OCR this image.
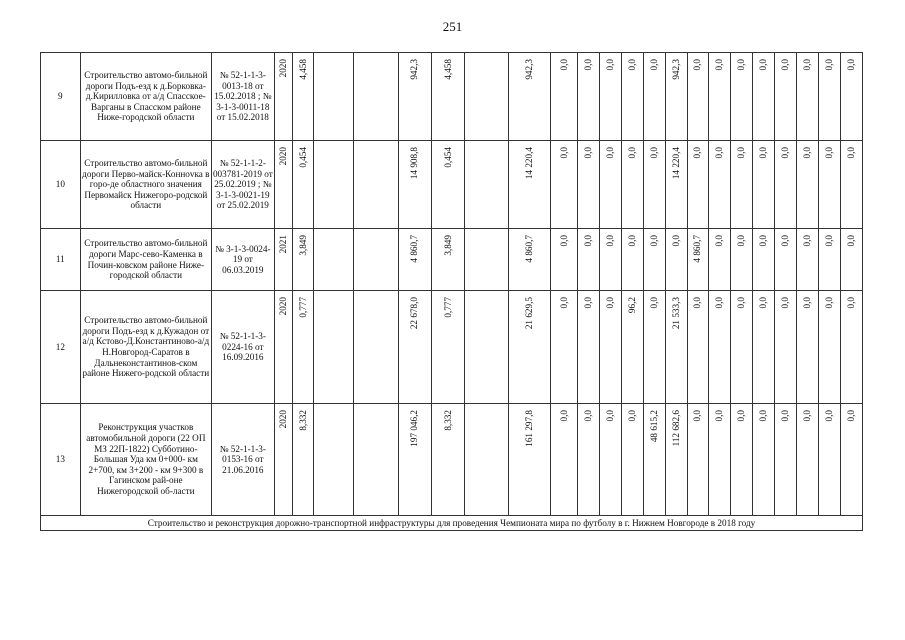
251
9	Строительство автомо-бильной дороги Подъ-езд к д.Борковка-д.Кирилловка от а/д Спасское-Варганы в Спасском районе Ниже-городской области	№ 52-1-1-3-0013-18 от 15.02.2018 ; № 3-1-3-0011-18 от 15.02.2018	2020	4,458			942,3	4,458		942,3	0,0	0,0	0,0	0,0	0,0	942,3	0,0	0,0	0,0	0,0	0,0	0,0	0,0	0,0

10	Строительство автомо-бильной дороги Перво-майск-Коннovка в горо-де областного значения Первомайск Нижегоро-родской области	№ 52-1-1-2-003781-2019 от 25.02.2019 ; № 3-1-3-0021-19 от 25.02.2019	2020	0,454			14 908,8	0,454		14 220,4	0,0	0,0	0,0	0,0	0,0	14 220,4	0,0	0,0	0,0	0,0	0,0	0,0	0,0	0,0

11	Строительство автомо-бильной дороги Марс-сево-Каменка в Почин-ковском районе Ниже-городской области	№ 3-1-3-0024-19 от 06.03.2019	2021	3,849			4 860,7	3,849		4 860,7	0,0	0,0	0,0	0,0	0,0	0,0	4 860,7	0,0	0,0	0,0	0,0	0,0	0,0	0,0

12	Строительство автомо-бильной дороги Подъ-езд к д.Кужадон от а/д Кстово-Д.Константиново-а/д Н.Новгород-Саратов в Дальнеконстантинов-ском районе Нижего-родской области	№ 52-1-1-3-0224-16 от 16.09.2016	2020	0,777			22 678,0	0,777		21 629,5	0,0	0,0	0,0	96,2	0,0	21 533,3	0,0	0,0	0,0	0,0	0,0	0,0	0,0	0,0

13	Реконструкция участков автомобильной дороги (22 ОП МЗ 22П-1822) Субботино-Большая Уда км 0+000- км 2+700, км 3+200 - км 9+300 в Гагинском рай-оне Нижегородской об-ласти	№ 52-1-1-3-0153-16 от 21.06.2016	2020	8,332			197 046,2	8,332		161 297,8	0,0	0,0	0,0	0,0	48 615,2	112 682,6	0,0	0,0	0,0	0,0	0,0	0,0	0,0	0,0

Строительство и реконструкция дорожно-транспортной инфраструктуры для проведения Чемпионата мира по футболу в г. Нижнем Новгороде в 2018 году																								
